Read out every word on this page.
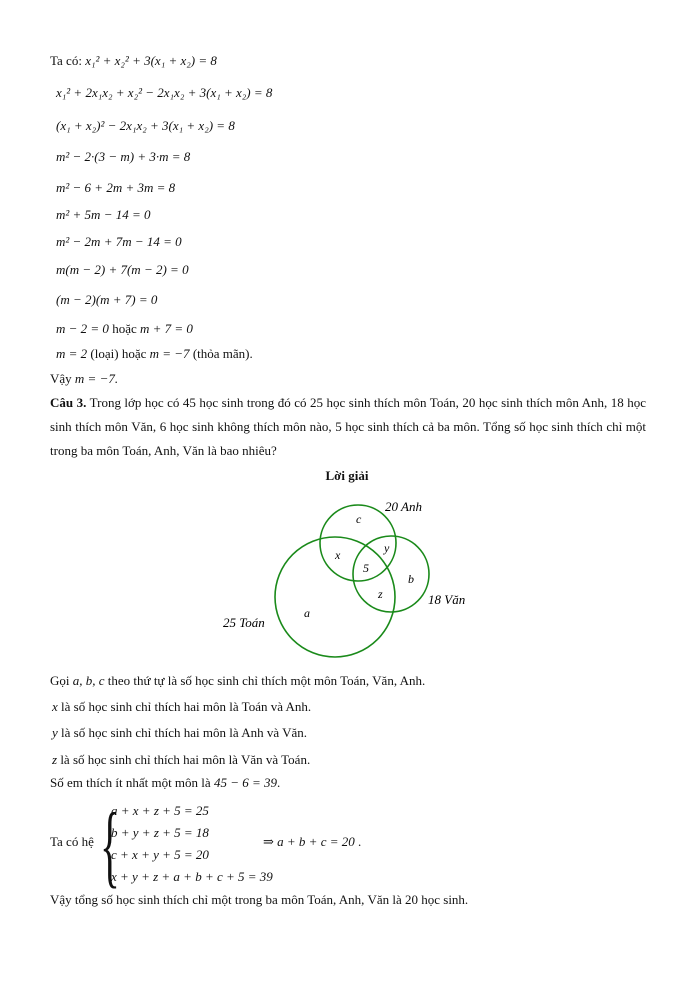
Ta có: x₁² + x₂² + 3(x₁ + x₂) = 8
x₁² + 2x₁x₂ + x₂² − 2x₁x₂ + 3(x₁ + x₂) = 8
(x₁ + x₂)² − 2x₁x₂ + 3(x₁ + x₂) = 8
m² − 2·(3 − m) + 3·m = 8
m² − 6 + 2m + 3m = 8
m² + 5m − 14 = 0
m² − 2m + 7m − 14 = 0
m(m − 2) + 7(m − 2) = 0
(m − 2)(m + 7) = 0
m − 2 = 0 hoặc m + 7 = 0
m = 2 (loại) hoặc m = −7 (thỏa mãn).
Vậy m = −7.
Câu 3. Trong lớp học có 45 học sinh trong đó có 25 học sinh thích môn Toán, 20 học sinh thích môn Anh, 18 học sinh thích môn Văn, 6 học sinh không thích môn nào, 5 học sinh thích cả ba môn. Tổng số học sinh thích chỉ một trong ba môn Toán, Anh, Văn là bao nhiêu?
Lời giải
20 Anh
18 Văn
25 Toán
c
x	y
5
b
z
a
Gọi a, b, c theo thứ tự là số học sinh chỉ thích một môn Toán, Văn, Anh.
x là số học sinh chỉ thích hai môn là Toán và Anh.
y là số học sinh chỉ thích hai môn là Anh và Văn.
z là số học sinh chỉ thích hai môn là Văn và Toán.
Số em thích ít nhất một môn là 45 − 6 = 39.
Ta có hệ {
a + x + z + 5 = 25
b + y + z + 5 = 18
c + x + y + 5 = 20
x + y + z + a + b + c + 5 = 39
⇒ a + b + c = 20 .
Vậy tổng số học sinh thích chỉ một trong ba môn Toán, Anh, Văn là 20 học sinh.
